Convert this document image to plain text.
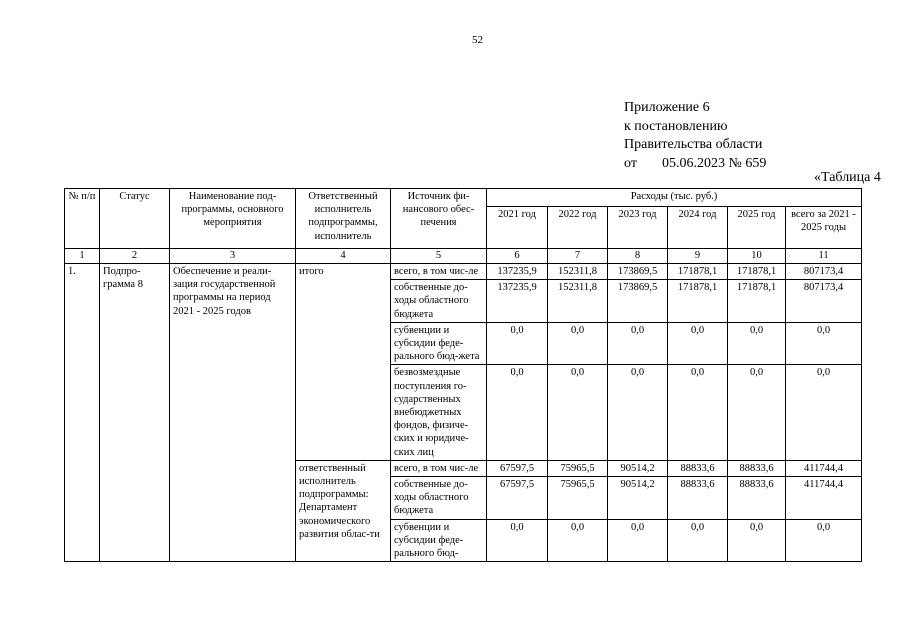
52
Приложение 6
к постановлению
Правительства области
от 05.06.2023 № 659
«Таблица 4
№ п/п	Статус	Наименование под-программы, основного мероприятия	Ответственный исполнитель подпрограммы, исполнитель	Источник фи-нансового обес-печения	Расходы (тыс. руб.)					
					2021 год	2022 год	2023 год	2024 год	2025 год	всего за 2021 - 2025 годы
1	2	3	4	5	6	7	8	9	10	11
1.	Подпро-грамма 8	Обеспечение и реали-зация государственной программы на период 2021 - 2025 годов	итого	всего, в том чис-ле	137235,9	152311,8	173869,5	171878,1	171878,1	807173,4
				собственные до-ходы областного бюджета	137235,9	152311,8	173869,5	171878,1	171878,1	807173,4
				субвенции и субсидии феде-рального бюд-жета	0,0	0,0	0,0	0,0	0,0	0,0
				безвозмездные поступления го-сударственных внебюджетных фондов, физиче-ских и юридиче-ских лиц	0,0	0,0	0,0	0,0	0,0	0,0
			ответственный исполнитель подпрограммы: Департамент экономического развития облас-ти	всего, в том чис-ле	67597,5	75965,5	90514,2	88833,6	88833,6	411744,4
				собственные до-ходы областного бюджета	67597,5	75965,5	90514,2	88833,6	88833,6	411744,4
				субвенции и субсидии феде-рального бюд-	0,0	0,0	0,0	0,0	0,0	0,0
